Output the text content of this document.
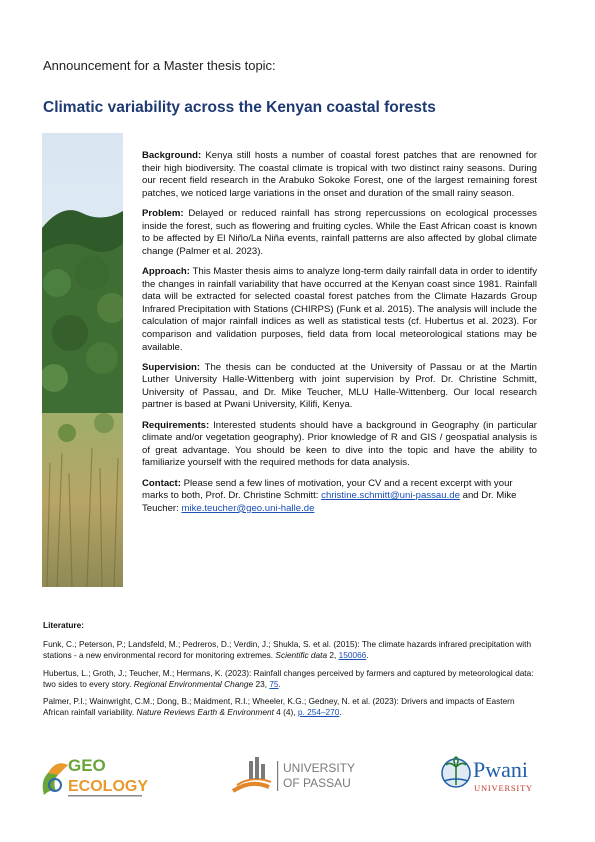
Announcement for a Master thesis topic:
Climatic variability across the Kenyan coastal forests

Background: Kenya still hosts a number of coastal forest patches that are renowned for their high biodiversity. The coastal climate is tropical with two distinct rainy seasons. During our recent field research in the Arabuko Sokoke Forest, one of the largest remaining forest patches, we noticed large variations in the onset and duration of the small rainy season.

Problem: Delayed or reduced rainfall has strong repercussions on ecological processes inside the forest, such as flowering and fruiting cycles. While the East African coast is known to be affected by El Niño/La Niña events, rainfall patterns are also affected by global climate change (Palmer et al. 2023).

Approach: This Master thesis aims to analyze long-term daily rainfall data in order to identify the changes in rainfall variability that have occurred at the Kenyan coast since 1981. Rainfall data will be extracted for selected coastal forest patches from the Climate Hazards Group Infrared Precipitation with Stations (CHIRPS) (Funk et al. 2015). The analysis will include the calculation of major rainfall indices as well as statistical tests (cf. Hubertus et al. 2023). For comparison and validation purposes, field data from local meteorological stations may be available.

Supervision: The thesis can be conducted at the University of Passau or at the Martin Luther University Halle-Wittenberg with joint supervision by Prof. Dr. Christine Schmitt, University of Passau, and Dr. Mike Teucher, MLU Halle-Wittenberg. Our local research partner is based at Pwani University, Kilifi, Kenya.

Requirements: Interested students should have a background in Geography (in particular climate and/or vegetation geography). Prior knowledge of R and GIS / geospatial analysis is of great advantage. You should be keen to dive into the topic and have the ability to familiarize yourself with the required methods for data analysis.

Contact: Please send a few lines of motivation, your CV and a recent excerpt with your marks to both, Prof. Dr. Christine Schmitt: christine.schmitt@uni-passau.de and Dr. Mike Teucher: mike.teucher@geo.uni-halle.de

Literature:
Funk, C.; Peterson, P.; Landsfeld, M.; Pedreros, D.; Verdin, J.; Shukla, S. et al. (2015): The climate hazards infrared precipitation with stations - a new environmental record for monitoring extremes. Scientific data 2, 150066.
Hubertus, L.; Groth, J.; Teucher, M.; Hermans, K. (2023): Rainfall changes perceived by farmers and captured by meteorological data: two sides to every story. Regional Environmental Change 23, 75.
Palmer, P.I.; Wainwright, C.M.; Dong, B.; Maidment, R.I.; Wheeler, K.G.; Gedney, N. et al. (2023): Drivers and impacts of Eastern African rainfall variability. Nature Reviews Earth & Environment 4 (4), p. 254–270.
GEO
ECOLOGY
UNIVERSITY
OF PASSAU
Pwani
UNIVERSITY
